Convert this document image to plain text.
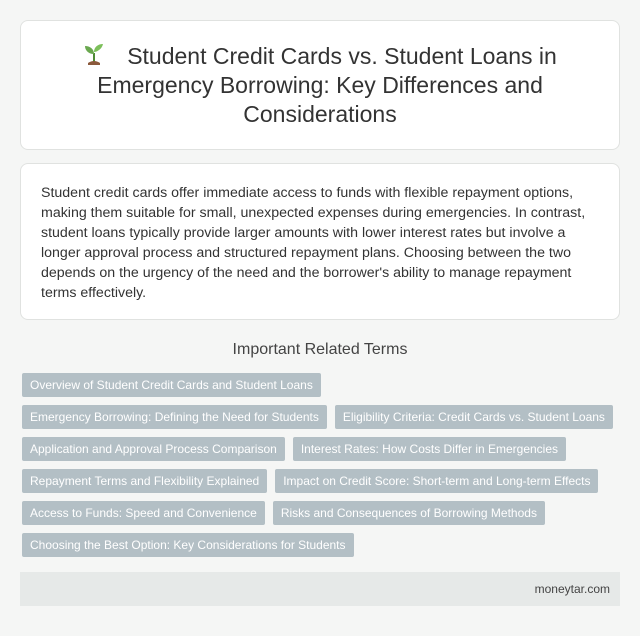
Student Credit Cards vs. Student Loans in Emergency Borrowing: Key Differences and Considerations

Student credit cards offer immediate access to funds with flexible repayment options, making them suitable for small, unexpected expenses during emergencies. In contrast, student loans typically provide larger amounts with lower interest rates but involve a longer approval process and structured repayment plans. Choosing between the two depends on the urgency of the need and the borrower's ability to manage repayment terms effectively.

Important Related Terms
Overview of Student Credit Cards and Student Loans
Emergency Borrowing: Defining the Need for Students	Eligibility Criteria: Credit Cards vs. Student Loans
Application and Approval Process Comparison	Interest Rates: How Costs Differ in Emergencies
Repayment Terms and Flexibility Explained	Impact on Credit Score: Short-term and Long-term Effects
Access to Funds: Speed and Convenience	Risks and Consequences of Borrowing Methods
Choosing the Best Option: Key Considerations for Students
moneytar.com
